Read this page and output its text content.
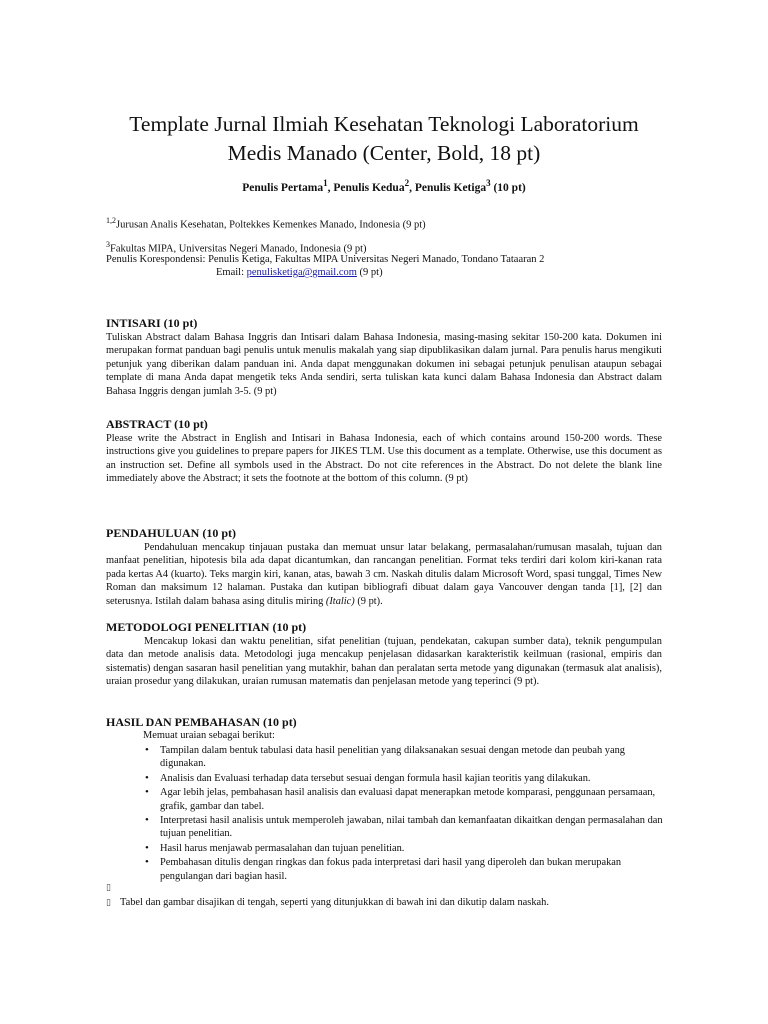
Template Jurnal Ilmiah Kesehatan Teknologi Laboratorium
Medis Manado (Center, Bold, 18 pt)
Penulis Pertama$^1$, Penulis Kedua$^2$, Penulis Ketiga$^3$ (10 pt)
$^{1,2}$Jurusan Analis Kesehatan, Poltekkes Kemenkes Manado, Indonesia (9 pt)
$^3$Fakultas MIPA, Universitas Negeri Manado, Indonesia (9 pt)
Penulis Korespondensi: Penulis Ketiga, Fakultas MIPA Universitas Negeri Manado, Tondano Tataaran 2
Email: penulisketiga@gmail.com (9 pt)
INTISARI (10 pt)
Tuliskan Abstract dalam Bahasa Inggris dan Intisari dalam Bahasa Indonesia, masing-masing sekitar 150-200 kata. Dokumen ini merupakan format panduan bagi penulis untuk menulis makalah yang siap dipublikasikan dalam jurnal. Para penulis harus mengikuti petunjuk yang diberikan dalam panduan ini. Anda dapat menggunakan dokumen ini sebagai petunjuk penulisan ataupun sebagai template di mana Anda dapat mengetik teks Anda sendiri, serta tuliskan kata kunci dalam Bahasa Indonesia dan Abstract dalam Bahasa Inggris dengan jumlah 3-5. (9 pt)
ABSTRACT (10 pt)
Please write the Abstract in English and Intisari in Bahasa Indonesia, each of which contains around 150-200 words. These instructions give you guidelines to prepare papers for JIKES TLM. Use this document as a template. Otherwise, use this document as an instruction set. Define all symbols used in the Abstract. Do not cite references in the Abstract. Do not delete the blank line immediately above the Abstract; it sets the footnote at the bottom of this column. (9 pt)
PENDAHULUAN (10 pt)
Pendahuluan mencakup tinjauan pustaka dan memuat unsur latar belakang, permasalahan/rumusan masalah, tujuan dan manfaat penelitian, hipotesis bila ada dapat dicantumkan, dan rancangan penelitian. Format teks terdiri dari kolom kiri-kanan rata pada kertas A4 (kuarto). Teks margin kiri, kanan, atas, bawah 3 cm. Naskah ditulis dalam Microsoft Word, spasi tunggal, Times New Roman dan maksimum 12 halaman. Pustaka dan kutipan bibliografi dibuat dalam gaya Vancouver dengan tanda [1], [2] dan seterusnya. Istilah dalam bahasa asing ditulis miring (Italic) (9 pt).
METODOLOGI PENELITIAN (10 pt)
Mencakup lokasi dan waktu penelitian, sifat penelitian (tujuan, pendekatan, cakupan sumber data), teknik pengumpulan data dan metode analisis data. Metodologi juga mencakup penjelasan didasarkan karakteristik keilmuan (rasional, empiris dan sistematis) dengan sasaran hasil penelitian yang mutakhir, bahan dan peralatan serta metode yang digunakan (termasuk alat analisis), uraian prosedur yang dilakukan, uraian rumusan matematis dan penjelasan metode yang teperinci (9 pt).
HASIL DAN PEMBAHASAN (10 pt)
Memuat uraian sebagai berikut:
• Tampilan dalam bentuk tabulasi data hasil penelitian yang dilaksanakan sesuai dengan metode dan peubah yang digunakan.
• Analisis dan Evaluasi terhadap data tersebut sesuai dengan formula hasil kajian teoritis yang dilakukan.
• Agar lebih jelas, pembahasan hasil analisis dan evaluasi dapat menerapkan metode komparasi, penggunaan persamaan, grafik, gambar dan tabel.
• Interpretasi hasil analisis untuk memperoleh jawaban, nilai tambah dan kemanfaatan dikaitkan dengan permasalahan dan tujuan penelitian.
• Hasil harus menjawab permasalahan dan tujuan penelitian.
• Pembahasan ditulis dengan ringkas dan fokus pada interpretasi dari hasil yang diperoleh dan bukan merupakan pengulangan dari bagian hasil.
▯
▯ Tabel dan gambar disajikan di tengah, seperti yang ditunjukkan di bawah ini dan dikutip dalam naskah.
